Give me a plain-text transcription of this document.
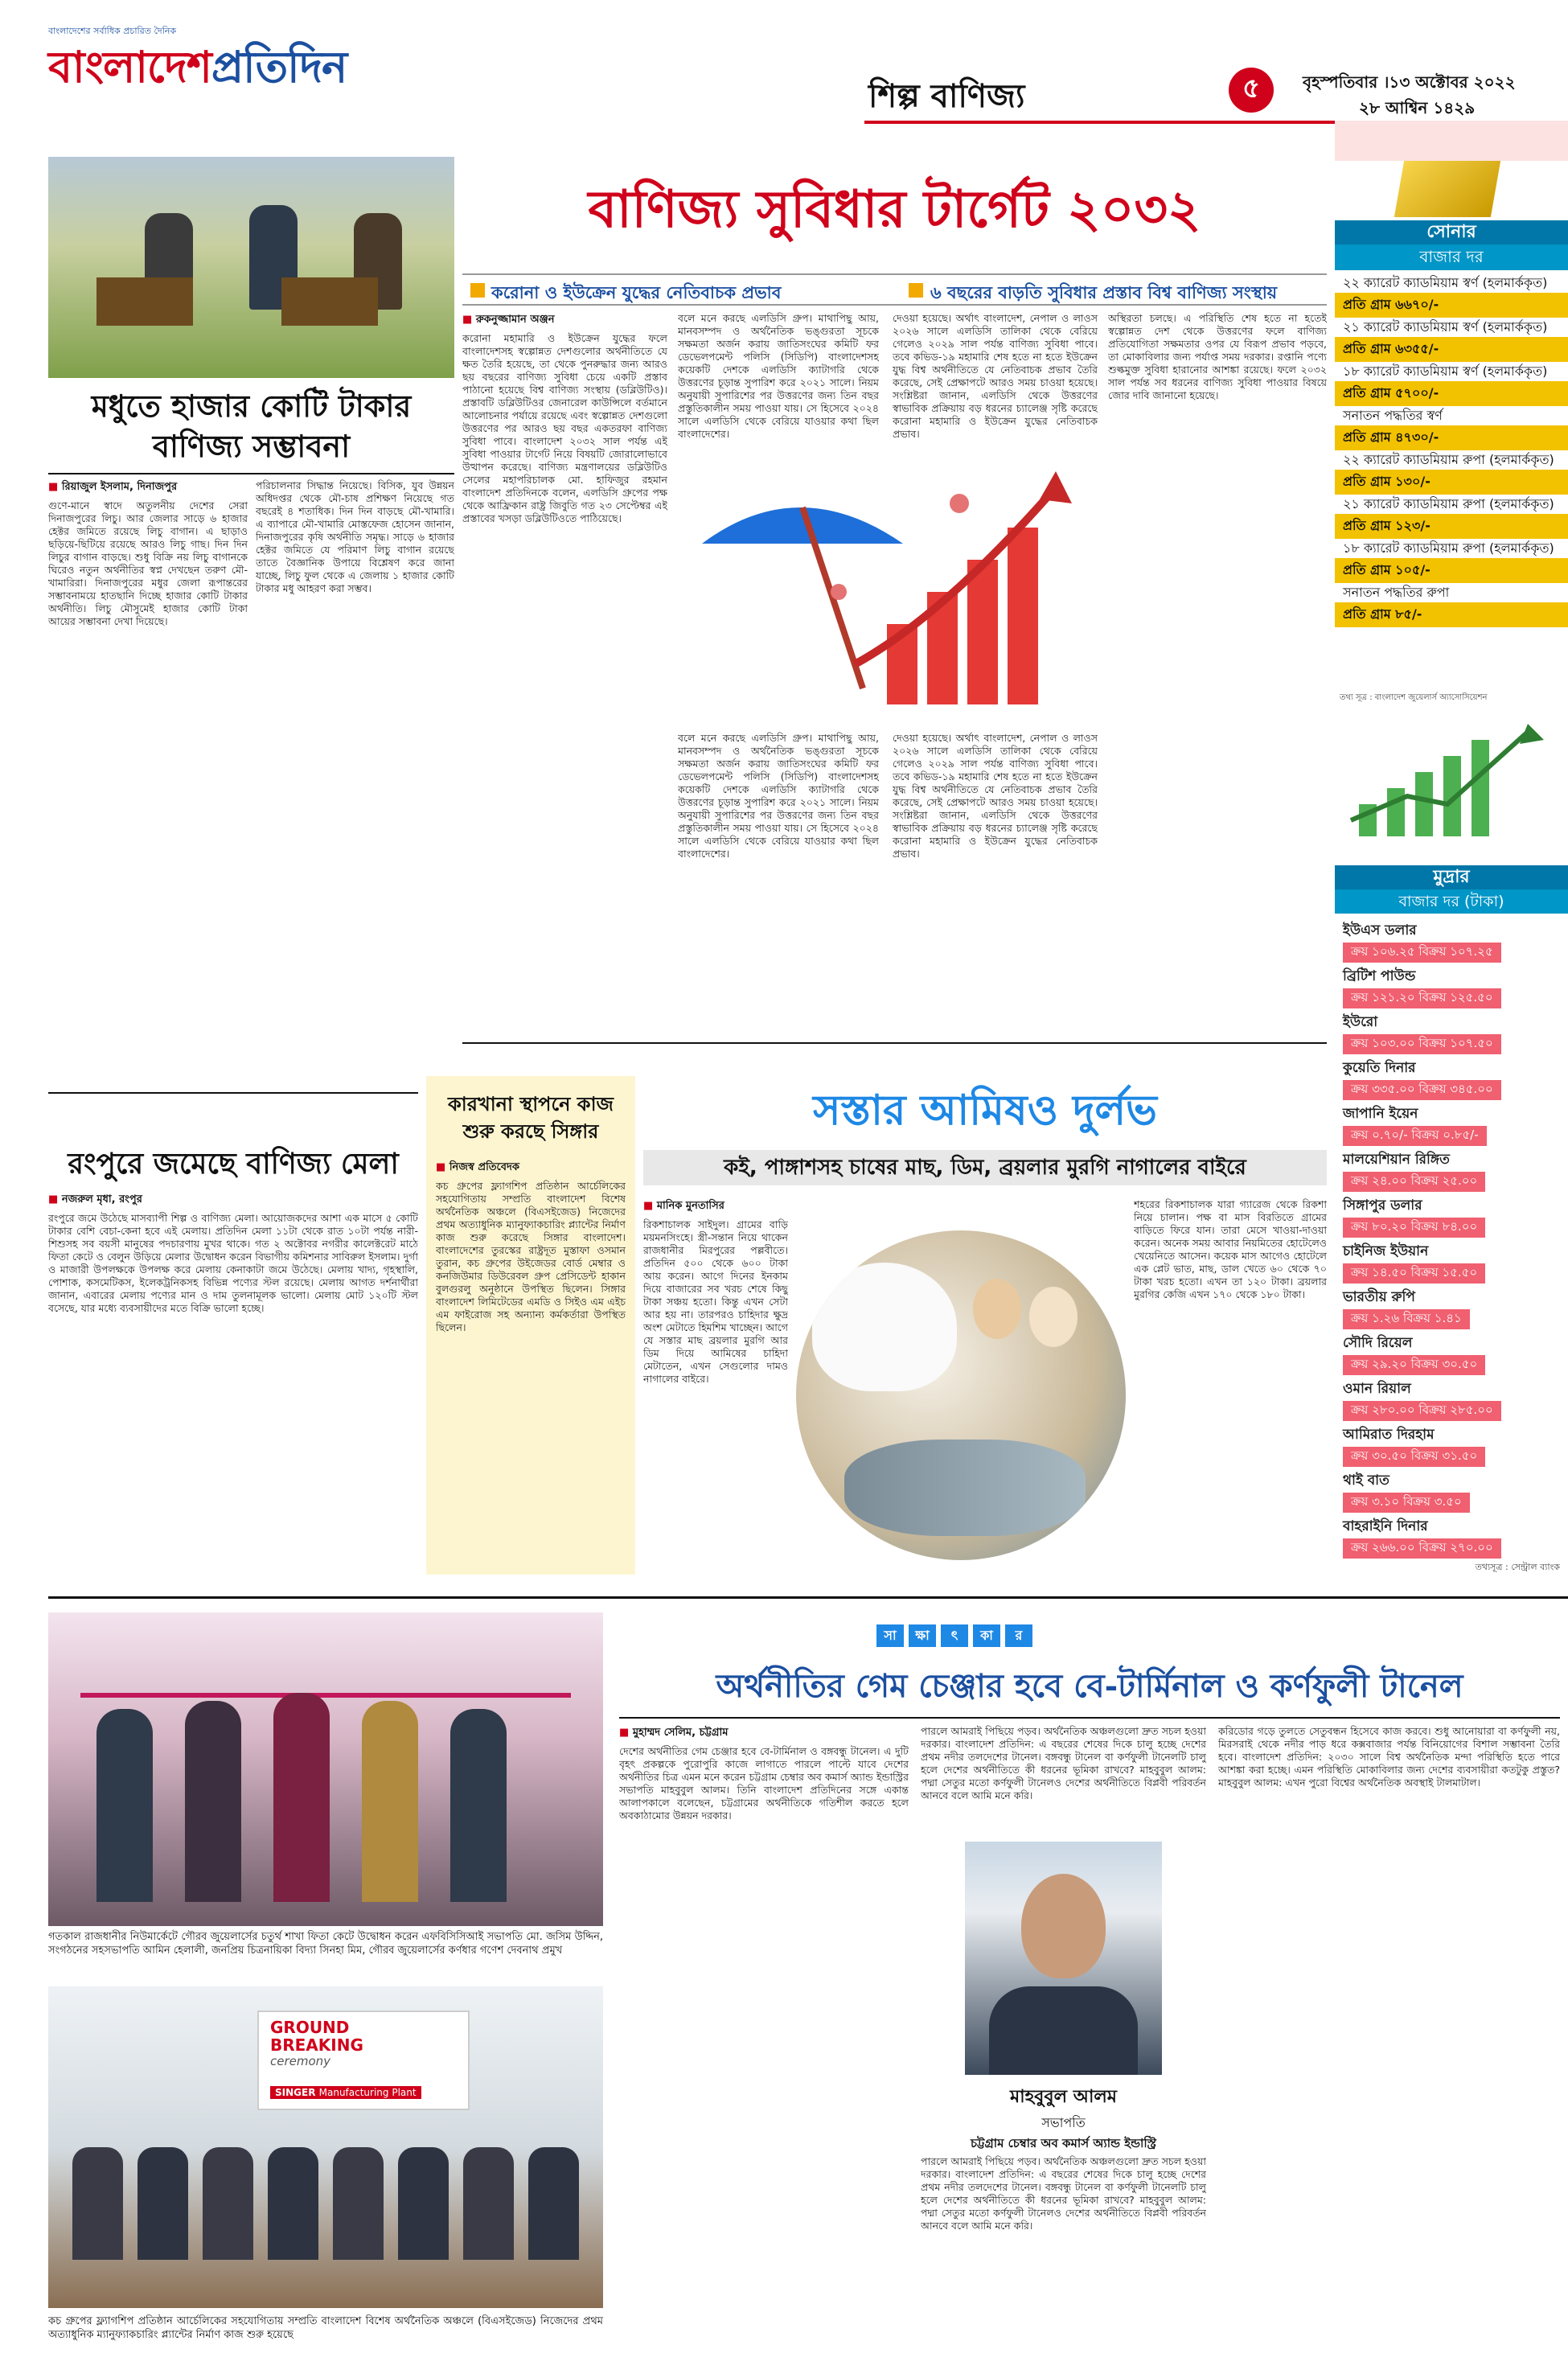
বাংলাদেশের সর্বাধিক প্রচারিত দৈনিক
বাংলাদেশপ্রতিদিন
শিল্প বাণিজ্য	৫	বৃহস্পতিবার ।১৩ অক্টোবর ২০২২
২৮ আশ্বিন ১৪২৯
বাণিজ্য সুবিধার টার্গেট ২০৩২
করোনা ও ইউক্রেন যুদ্ধের নেতিবাচক প্রভাব	৬ বছরের বাড়তি সুবিধার প্রস্তাব বিশ্ব বাণিজ্য সংস্থায়
মধুতে হাজার কোটি টাকার বাণিজ্য সম্ভাবনা
■ রিয়াজুল ইসলাম, দিনাজপুর
গুণে-মানে স্বাদে অতুলনীয় দেশের সেরা দিনাজপুরের লিচু। আর জেলার সাড়ে ৬ হাজার হেক্টর জমিতে রয়েছে লিচু বাগান। এ ছাড়াও ছড়িয়ে-ছিটিয়ে রয়েছে আরও লিচু গাছ। দিন দিন লিচুর বাগান বাড়ছে। শুধু বিক্রি নয় লিচু বাগানকে ঘিরেও নতুন অর্থনীতির স্বপ্ন দেখছেন তরুণ মৌ-খামারিরা। দিনাজপুরের মধুর জেলা রূপান্তরের সম্ভাবনাময়ে হাতছানি দিচ্ছে হাজার কোটি টাকার অর্থনীতি। লিচু মৌসুমেই হাজার কোটি টাকা আয়ের সম্ভাবনা দেখা দিয়েছে।
পরিচালনার সিদ্ধান্ত নিয়েছে। বিসিক, যুব উন্নয়ন অধিদপ্তর থেকে মৌ-চাষ প্রশিক্ষণ নিয়েছে গত বছরেই ৪ শতাধিক। দিন দিন বাড়ছে মৌ-খামারি। এ ব্যাপারে মৌ-খামারি মোস্তফেজ হোসেন জানান, দিনাজপুরের কৃষি অর্থনীতি সমৃদ্ধ। সাড়ে ৬ হাজার হেক্টর জমিতে যে পরিমাণ লিচু বাগান রয়েছে তাতে বৈজ্ঞানিক উপায়ে বিশ্লেষণ করে জানা যাচ্ছে, লিচু ফুল থেকে এ জেলায় ১ হাজার কোটি টাকার মধু আহরণ করা সম্ভব।
■ রুকনুজ্জামান অঞ্জন
করোনা মহামারি ও ইউক্রেন যুদ্ধের ফলে বাংলাদেশসহ স্বল্পোন্নত দেশগুলোর অর্থনীতিতে যে ক্ষত তৈরি হয়েছে, তা থেকে পুনরুদ্ধার জন্য আরও ছয় বছরের বাণিজ্য সুবিধা চেয়ে একটি প্রস্তাব পাঠানো হয়েছে বিশ্ব বাণিজ্য সংস্থায় (ডব্লিউটিও)। প্রস্তাবটি ডব্লিউটিওর জেনারেল কাউন্সিলে বর্তমানে আলোচনার পর্যায়ে রয়েছে এবং স্বল্পোন্নত দেশগুলো উত্তরণের পর আরও ছয় বছর একতরফা বাণিজ্য সুবিধা পাবে। বাংলাদেশ ২০৩২ সাল পর্যন্ত এই সুবিধা পাওয়ার টার্গেট নিয়ে বিষয়টি জোরালোভাবে উত্থাপন করেছে। বাণিজ্য মন্ত্রণালয়ের ডব্লিউটিও সেলের মহাপরিচালক মো. হাফিজুর রহমান বাংলাদেশ প্রতিদিনকে বলেন, এলডিসি গ্রুপের পক্ষ থেকে আফ্রিকান রাষ্ট্র জিবুতি গত ২৩ সেপ্টেম্বর এই প্রস্তাবের খসড়া ডব্লিউটিওতে পাঠিয়েছে।
বলে মনে করছে এলডিসি গ্রুপ। মাথাপিছু আয়, মানবসম্পদ ও অর্থনৈতিক ভঙ্গুরতা সূচকে সক্ষমতা অর্জন করায় জাতিসংঘের কমিটি ফর ডেভেলপমেন্ট পলিসি (সিডিপি) বাংলাদেশসহ কয়েকটি দেশকে এলডিসি ক্যাটাগরি থেকে উত্তরণের চূড়ান্ত সুপারিশ করে ২০২১ সালে। নিয়ম অনুযায়ী সুপারিশের পর উত্তরণের জন্য তিন বছর প্রস্তুতিকালীন সময় পাওয়া যায়। সে হিসেবে ২০২৪ সালে এলডিসি থেকে বেরিয়ে যাওয়ার কথা ছিল বাংলাদেশের।
দেওয়া হয়েছে। অর্থাৎ বাংলাদেশ, নেপাল ও লাওস ২০২৬ সালে এলডিসি তালিকা থেকে বেরিয়ে গেলেও ২০২৯ সাল পর্যন্ত বাণিজ্য সুবিধা পাবে। তবে কভিড-১৯ মহামারি শেষ হতে না হতে ইউক্রেন যুদ্ধ বিশ্ব অর্থনীতিতে যে নেতিবাচক প্রভাব তৈরি করেছে, সেই প্রেক্ষাপটে আরও সময় চাওয়া হয়েছে। সংশ্লিষ্টরা জানান, এলডিসি থেকে উত্তরণের স্বাভাবিক প্রক্রিয়ায় বড় ধরনের চ্যালেঞ্জ সৃষ্টি করেছে করোনা মহামারি ও ইউক্রেন যুদ্ধের নেতিবাচক প্রভাব।
অস্থিরতা চলছে। এ পরিস্থিতি শেষ হতে না হতেই স্বল্পোন্নত দেশ থেকে উত্তরণের ফলে বাণিজ্য প্রতিযোগিতা সক্ষমতার ওপর যে বিরূপ প্রভাব পড়বে, তা মোকাবিলার জন্য পর্যাপ্ত সময় দরকার। রপ্তানি পণ্যে শুল্কমুক্ত সুবিধা হারানোর আশঙ্কা রয়েছে। ফলে ২০৩২ সাল পর্যন্ত সব ধরনের বাণিজ্য সুবিধা পাওয়ার বিষয়ে জোর দাবি জানানো হয়েছে।
বলে মনে করছে এলডিসি গ্রুপ। মাথাপিছু আয়, মানবসম্পদ ও অর্থনৈতিক ভঙ্গুরতা সূচকে সক্ষমতা অর্জন করায় জাতিসংঘের কমিটি ফর ডেভেলপমেন্ট পলিসি (সিডিপি) বাংলাদেশসহ কয়েকটি দেশকে এলডিসি ক্যাটাগরি থেকে উত্তরণের চূড়ান্ত সুপারিশ করে ২০২১ সালে। নিয়ম অনুযায়ী সুপারিশের পর উত্তরণের জন্য তিন বছর প্রস্তুতিকালীন সময় পাওয়া যায়। সে হিসেবে ২০২৪ সালে এলডিসি থেকে বেরিয়ে যাওয়ার কথা ছিল বাংলাদেশের।
দেওয়া হয়েছে। অর্থাৎ বাংলাদেশ, নেপাল ও লাওস ২০২৬ সালে এলডিসি তালিকা থেকে বেরিয়ে গেলেও ২০২৯ সাল পর্যন্ত বাণিজ্য সুবিধা পাবে। তবে কভিড-১৯ মহামারি শেষ হতে না হতে ইউক্রেন যুদ্ধ বিশ্ব অর্থনীতিতে যে নেতিবাচক প্রভাব তৈরি করেছে, সেই প্রেক্ষাপটে আরও সময় চাওয়া হয়েছে। সংশ্লিষ্টরা জানান, এলডিসি থেকে উত্তরণের স্বাভাবিক প্রক্রিয়ায় বড় ধরনের চ্যালেঞ্জ সৃষ্টি করেছে করোনা মহামারি ও ইউক্রেন যুদ্ধের নেতিবাচক প্রভাব।
সোনার
বাজার দর
২২ ক্যারেট ক্যাডমিয়াম স্বর্ণ (হলমার্ককৃত)
প্রতি গ্রাম ৬৬৭০/-
২১ ক্যারেট ক্যাডমিয়াম স্বর্ণ (হলমার্ককৃত)
প্রতি গ্রাম ৬৩৫৫/-
১৮ ক্যারেট ক্যাডমিয়াম স্বর্ণ (হলমার্ককৃত)
প্রতি গ্রাম ৫৭০০/-
সনাতন পদ্ধতির স্বর্ণ
প্রতি গ্রাম ৪৭৩০/-
২২ ক্যারেট ক্যাডমিয়াম রুপা (হলমার্ককৃত)
প্রতি গ্রাম ১৩০/-
২১ ক্যারেট ক্যাডমিয়াম রুপা (হলমার্ককৃত)
প্রতি গ্রাম ১২৩/-
১৮ ক্যারেট ক্যাডমিয়াম রুপা (হলমার্ককৃত)
প্রতি গ্রাম ১০৫/-
সনাতন পদ্ধতির রুপা
প্রতি গ্রাম ৮৫/-
তথ্য সূত্র : বাংলাদেশ জুয়েলার্স অ্যাসোসিয়েশন
মুদ্রার
বাজার দর (টাকা)
ইউএস ডলার
ক্রয় ১০৬.২৫ বিক্রয় ১০৭.২৫
ব্রিটিশ পাউন্ড
ক্রয় ১২১.২০ বিক্রয় ১২৫.৫০
ইউরো
ক্রয় ১০৩.০০ বিক্রয় ১০৭.৫০
কুয়েতি দিনার
ক্রয় ৩৩৫.০০ বিক্রয় ৩৪৫.০০
জাপানি ইয়েন
ক্রয় ০.৭০/- বিক্রয় ০.৮৫/-
মালয়েশিয়ান রিঙ্গিত
ক্রয় ২৪.০০ বিক্রয় ২৫.০০
সিঙ্গাপুর ডলার
ক্রয় ৮০.২০ বিক্রয় ৮৪.০০
চাইনিজ ইউয়ান
ক্রয় ১৪.৫০ বিক্রয় ১৫.৫০
ভারতীয় রুপি
ক্রয় ১.২৬ বিক্রয় ১.৪১
সৌদি রিয়েল
ক্রয় ২৯.২০ বিক্রয় ৩০.৫০
ওমান রিয়াল
ক্রয় ২৮০.০০ বিক্রয় ২৮৫.০০
আমিরাত দিরহাম
ক্রয় ৩০.৫০ বিক্রয় ৩১.৫০
থাই বাত
ক্রয় ৩.১০ বিক্রয় ৩.৫০
বাহরাইনি দিনার
ক্রয় ২৬৬.০০ বিক্রয় ২৭০.০০
কারখানা স্থাপনে কাজ শুরু করছে সিঙ্গার
■ নিজস্ব প্রতিবেদক
কচ গ্রুপের ফ্ল্যাগশিপ প্রতিষ্ঠান আর্চেলিকের সহযোগিতায় সম্প্রতি বাংলাদেশ বিশেষ অর্থনৈতিক অঞ্চলে (বিএসইজেড) নিজেদের প্রথম অত্যাধুনিক ম্যানুফ্যাকচারিং প্ল্যান্টের নির্মাণ কাজ শুরু করেছে সিঙ্গার বাংলাদেশ। বাংলাদেশের তুরস্কের রাষ্ট্রদূত মুস্তাফা ওসমান তুরান, কচ গ্রুপের উইজেডর বোর্ড মেম্বার ও কনজিউমার ডিউরেবল গ্রুপ প্রেসিডেন্ট হাকান বুলগুরলু অনুষ্ঠানে উপস্থিত ছিলেন। সিঙ্গার বাংলাদেশ লিমিটেডের এমডি ও সিইও এম এইচ এম ফাইরোজ সহ অন্যান্য কর্মকর্তারা উপস্থিত ছিলেন।
সস্তার আমিষও দুর্লভ
কই, পাঙ্গাশসহ চাষের মাছ, ডিম, ব্রয়লার মুরগি নাগালের বাইরে
■ মানিক মুনতাসির
রিকশাচালক সাইদুল। গ্রামের বাড়ি ময়মনসিংহে। স্ত্রী-সন্তান নিয়ে থাকেন রাজধানীর মিরপুরের পল্লবীতে। প্রতিদিন ৫০০ থেকে ৬০০ টাকা আয় করেন। আগে দিনের ইনকাম দিয়ে বাজারের সব খরচ শেষে কিছু টাকা সঞ্চয় হতো। কিন্তু এখন সেটা আর হয় না। তারপরও চাহিদার ক্ষুদ্র অংশ মেটাতে হিমশিম খাচ্ছেন। আগে যে সস্তার মাছ ব্রয়লার মুরগি আর ডিম দিয়ে আমিষের চাহিদা মেটাতেন, এখন সেগুলোর দামও নাগালের বাইরে।
শহরের রিকশাচালক যারা গ্যারেজ থেকে রিকশা নিয়ে চালান। পক্ষ বা মাস বিরতিতে গ্রামের বাড়িতে ফিরে যান। তারা মেসে খাওয়া-দাওয়া করেন। অনেক সময় আবার নিয়মিতের হোটেলেও খেয়েনিতে আসেন। কয়েক মাস আগেও হোটেলে এক প্লেট ভাত, মাছ, ডাল খেতে ৬০ থেকে ৭০ টাকা খরচ হতো। এখন তা ১২০ টাকা। ব্রয়লার মুরগির কেজি এখন ১৭০ থেকে ১৮০ টাকা।
তথ্যসূত্র : সেন্ট্রাল ব্যাংক
রংপুরে জমেছে বাণিজ্য মেলা
■ নজরুল মৃধা, রংপুর
রংপুরে জমে উঠেছে মাসব্যাপী শিল্প ও বাণিজ্য মেলা। আয়োজকদের আশা এক মাসে ৫ কোটি টাকার বেশি বেচা-কেনা হবে এই মেলায়। প্রতিদিন মেলা ১১টা থেকে রাত ১০টা পর্যন্ত নারী-শিশুসহ সব বয়সী মানুষের পদচারণায় মুখর থাকে। গত ২ অক্টোবর নগরীর কালেক্টরেট মাঠে ফিতা কেটে ও বেলুন উড়িয়ে মেলার উদ্বোধন করেন বিভাগীয় কমিশনার সাবিরুল ইসলাম। দুর্গা ও মাজারী উপলক্ষকে উপলক্ষ করে মেলায় কেনাকাটা জমে উঠেছে। মেলায় খাদ্য, গৃহস্থালি, পোশাক, কসমেটিকস, ইলেকট্রনিকসহ বিভিন্ন পণ্যের স্টল রয়েছে। মেলায় আগত দর্শনার্থীরা জানান, এবারের মেলায় পণ্যের মান ও দাম তুলনামূলক ভালো। মেলায় মোট ১২০টি স্টল বসেছে, যার মধ্যে ব্যবসায়ীদের মতে বিক্রি ভালো হচ্ছে।
গতকাল রাজধানীর নিউমার্কেটে গৌরব জুয়েলার্সের চতুর্থ শাখা ফিতা কেটে উদ্বোধন করেন এফবিসিসিআই সভাপতি মো. জসিম উদ্দিন, সংগঠনের সহসভাপতি আমিন হেলালী, জনপ্রিয় চিত্রনায়িকা বিদ্যা সিনহা মিম, গৌরব জুয়েলার্সের কর্ণধার গণেশ দেবনাথ প্রমুখ
GROUND
BREAKING
ceremony
SINGER Manufacturing Plant
কচ গ্রুপের ফ্ল্যাগশিপ প্রতিষ্ঠান আর্চেলিকের সহযোগিতায় সম্প্রতি বাংলাদেশ বিশেষ অর্থনৈতিক অঞ্চলে (বিএসইজেড) নিজেদের প্রথম অত্যাধুনিক ম্যানুফ্যাকচারিং প্ল্যান্টের নির্মাণ কাজ শুরু হয়েছে
সা	ক্ষা	ৎ	কা	র
অর্থনীতির গেম চেঞ্জার হবে বে-টার্মিনাল ও কর্ণফুলী টানেল
■ মুহাম্মদ সেলিম, চট্টগ্রাম
দেশের অর্থনীতির গেম চেঞ্জার হবে বে-টার্মিনাল ও বঙ্গবন্ধু টানেল। এ দুটি বৃহৎ প্রকল্পকে পুরোপুরি কাজে লাগাতে পারলে পাল্টে যাবে দেশের অর্থনীতির চিত্র এমন মনে করেন চট্টগ্রাম চেম্বার অব কমার্স অ্যান্ড ইন্ডাস্ট্রির সভাপতি মাহবুবুল আলম। তিনি বাংলাদেশ প্রতিদিনের সঙ্গে একান্ত আলাপকালে বলেছেন, চট্টগ্রামের অর্থনীতিকে গতিশীল করতে হলে অবকাঠামোর উন্নয়ন দরকার।
পারলে আমরাই পিছিয়ে পড়ব। অর্থনৈতিক অঞ্চলগুলো দ্রুত সচল হওয়া দরকার। বাংলাদেশ প্রতিদিন: এ বছরের শেষের দিকে চালু হচ্ছে দেশের প্রথম নদীর তলদেশের টানেল। বঙ্গবন্ধু টানেল বা কর্ণফুলী টানেলটি চালু হলে দেশের অর্থনীতিতে কী ধরনের ভূমিকা রাখবে? মাহবুবুল আলম: পদ্মা সেতুর মতো কর্ণফুলী টানেলও দেশের অর্থনীতিতে বিপ্লবী পরিবর্তন আনবে বলে আমি মনে করি।
মাহবুবুল আলম
সভাপতি
চট্টগ্রাম চেম্বার অব কমার্স অ্যান্ড ইন্ডাস্ট্রি
পারলে আমরাই পিছিয়ে পড়ব। অর্থনৈতিক অঞ্চলগুলো দ্রুত সচল হওয়া দরকার। বাংলাদেশ প্রতিদিন: এ বছরের শেষের দিকে চালু হচ্ছে দেশের প্রথম নদীর তলদেশের টানেল। বঙ্গবন্ধু টানেল বা কর্ণফুলী টানেলটি চালু হলে দেশের অর্থনীতিতে কী ধরনের ভূমিকা রাখবে? মাহবুবুল আলম: পদ্মা সেতুর মতো কর্ণফুলী টানেলও দেশের অর্থনীতিতে বিপ্লবী পরিবর্তন আনবে বলে আমি মনে করি।
করিডোর গড়ে তুলতে সেতুবন্ধন হিসেবে কাজ করবে। শুধু আনোয়ারা বা কর্ণফুলী নয়, মিরসরাই থেকে নদীর পাড় ধরে কক্সবাজার পর্যন্ত বিনিয়োগের বিশাল সম্ভাবনা তৈরি হবে। বাংলাদেশ প্রতিদিন: ২০৩০ সালে বিশ্ব অর্থনৈতিক মন্দা পরিস্থিতি হতে পারে আশঙ্কা করা হচ্ছে। এমন পরিস্থিতি মোকাবিলার জন্য দেশের ব্যবসায়ীরা কতটুকু প্রস্তুত? মাহবুবুল আলম: এখন পুরো বিশ্বের অর্থনৈতিক অবস্থাই টালমাটাল।
